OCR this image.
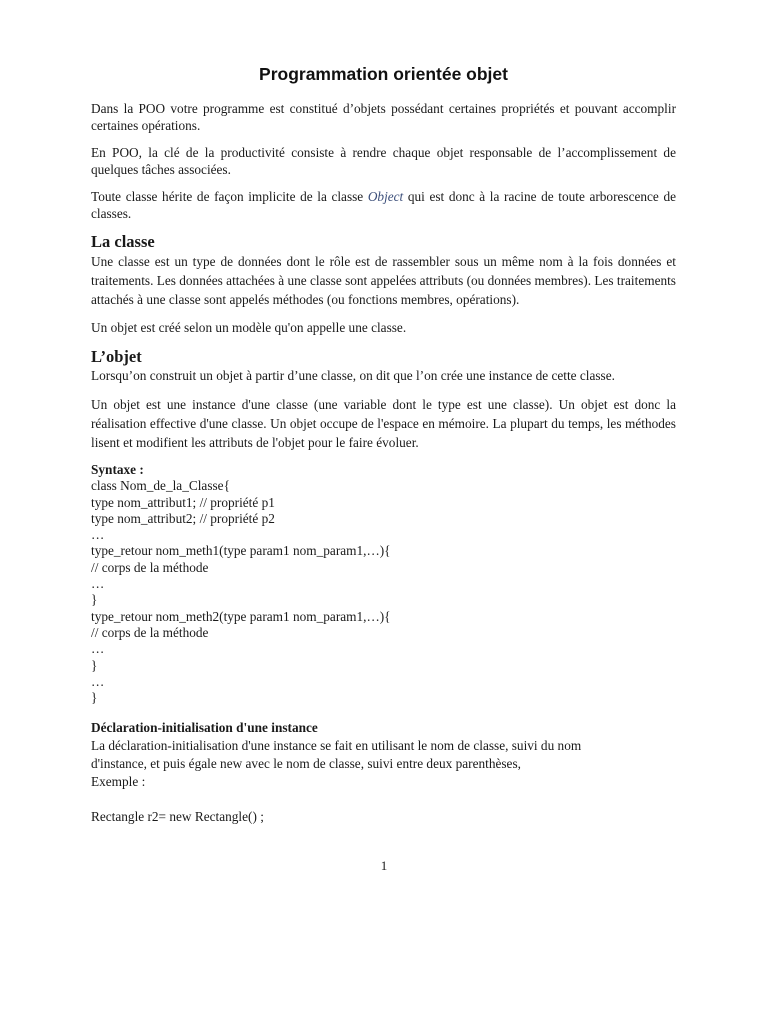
Programmation orientée objet

Dans la POO votre programme est constitué d’objets possédant certaines propriétés et pouvant accomplir certaines opérations.

En POO, la clé de la productivité consiste à rendre chaque objet responsable de l’accomplissement de quelques tâches associées.

Toute classe hérite de façon implicite de la classe Object qui est donc à la racine de toute arborescence de classes.

La classe

Une classe est un type de données dont le rôle est de rassembler sous un même nom à la fois données et traitements. Les données attachées à une classe sont appelées attributs (ou données membres). Les traitements attachés à une classe sont appelés méthodes (ou fonctions membres, opérations).

Un objet est créé selon un modèle qu'on appelle une classe.

L’objet

Lorsqu’on construit un objet à partir d’une classe, on dit que l’on crée une instance de cette classe.

Un objet est une instance d'une classe (une variable dont le type est une classe). Un objet est donc la réalisation effective d'une classe. Un objet occupe de l'espace en mémoire. La plupart du temps, les méthodes lisent et modifient les attributs de l'objet pour le faire évoluer.

Syntaxe :
class Nom_de_la_Classe{
type nom_attribut1; // propriété p1
type nom_attribut2; // propriété p2
…
type_retour nom_meth1(type param1 nom_param1,…){
// corps de la méthode
…
}
type_retour nom_meth2(type param1 nom_param1,…){
// corps de la méthode
…
}
…
}
Déclaration-initialisation d'une instance
La déclaration-initialisation d'une instance se fait en utilisant le nom de classe, suivi du nom
d'instance, et puis égale new avec le nom de classe, suivi entre deux parenthèses,
Exemple :
Rectangle r2= new Rectangle() ;
1
